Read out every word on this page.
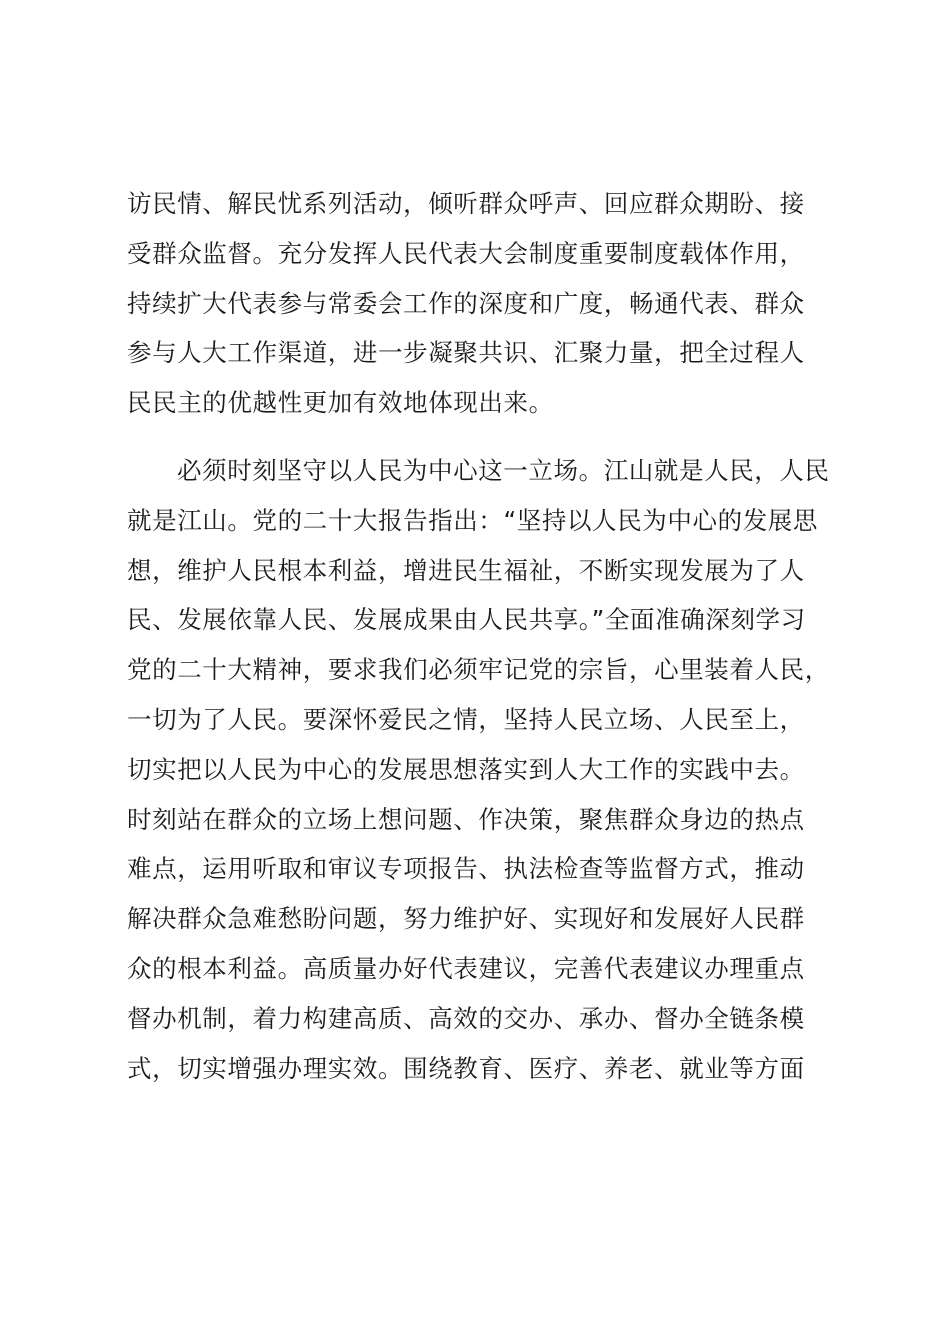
访民情、解民忧系列活动，倾听群众呼声、回应群众期盼、接
受群众监督。充分发挥人民代表大会制度重要制度载体作用，
持续扩大代表参与常委会工作的深度和广度，畅通代表、群众
参与人大工作渠道，进一步凝聚共识、汇聚力量，把全过程人
民民主的优越性更加有效地体现出来。
必须时刻坚守以人民为中心这一立场。江山就是人民，人民
就是江山。党的二十大报告指出：“坚持以人民为中心的发展思
想，维护人民根本利益，增进民生福祉，不断实现发展为了人
民、发展依靠人民、发展成果由人民共享。”全面准确深刻学习
党的二十大精神，要求我们必须牢记党的宗旨，心里装着人民，
一切为了人民。要深怀爱民之情，坚持人民立场、人民至上，
切实把以人民为中心的发展思想落实到人大工作的实践中去。
时刻站在群众的立场上想问题、作决策，聚焦群众身边的热点
难点，运用听取和审议专项报告、执法检查等监督方式，推动
解决群众急难愁盼问题，努力维护好、实现好和发展好人民群
众的根本利益。高质量办好代表建议，完善代表建议办理重点
督办机制，着力构建高质、高效的交办、承办、督办全链条模
式，切实增强办理实效。围绕教育、医疗、养老、就业等方面
